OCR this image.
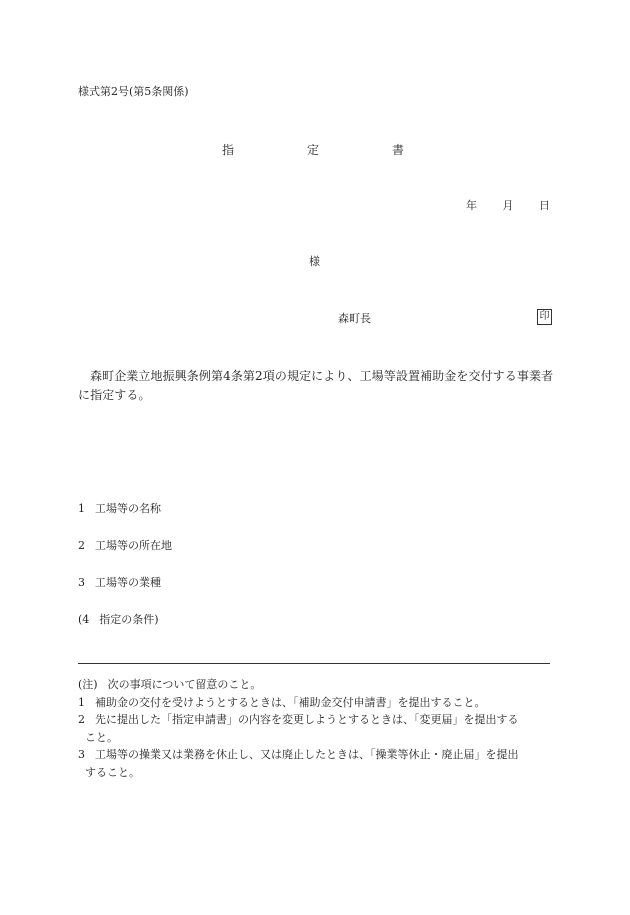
様式第2号(第5条関係)
指	定	書
年 月 日
様
森町長	印
森町企業立地振興条例第4条第2項の規定により、工場等設置補助金を交付する事業者に指定する。
1 工場等の名称
2 工場等の所在地
3 工場等の業種
(4 指定の条件)
(注) 次の事項について留意のこと。
1 補助金の交付を受けようとするときは、「補助金交付申請書」を提出すること。
2 先に提出した「指定申請書」の内容を変更しようとするときは、「変更届」を提出する
こと。
3 工場等の操業又は業務を休止し、又は廃止したときは、「操業等休止・廃止届」を提出
すること。
